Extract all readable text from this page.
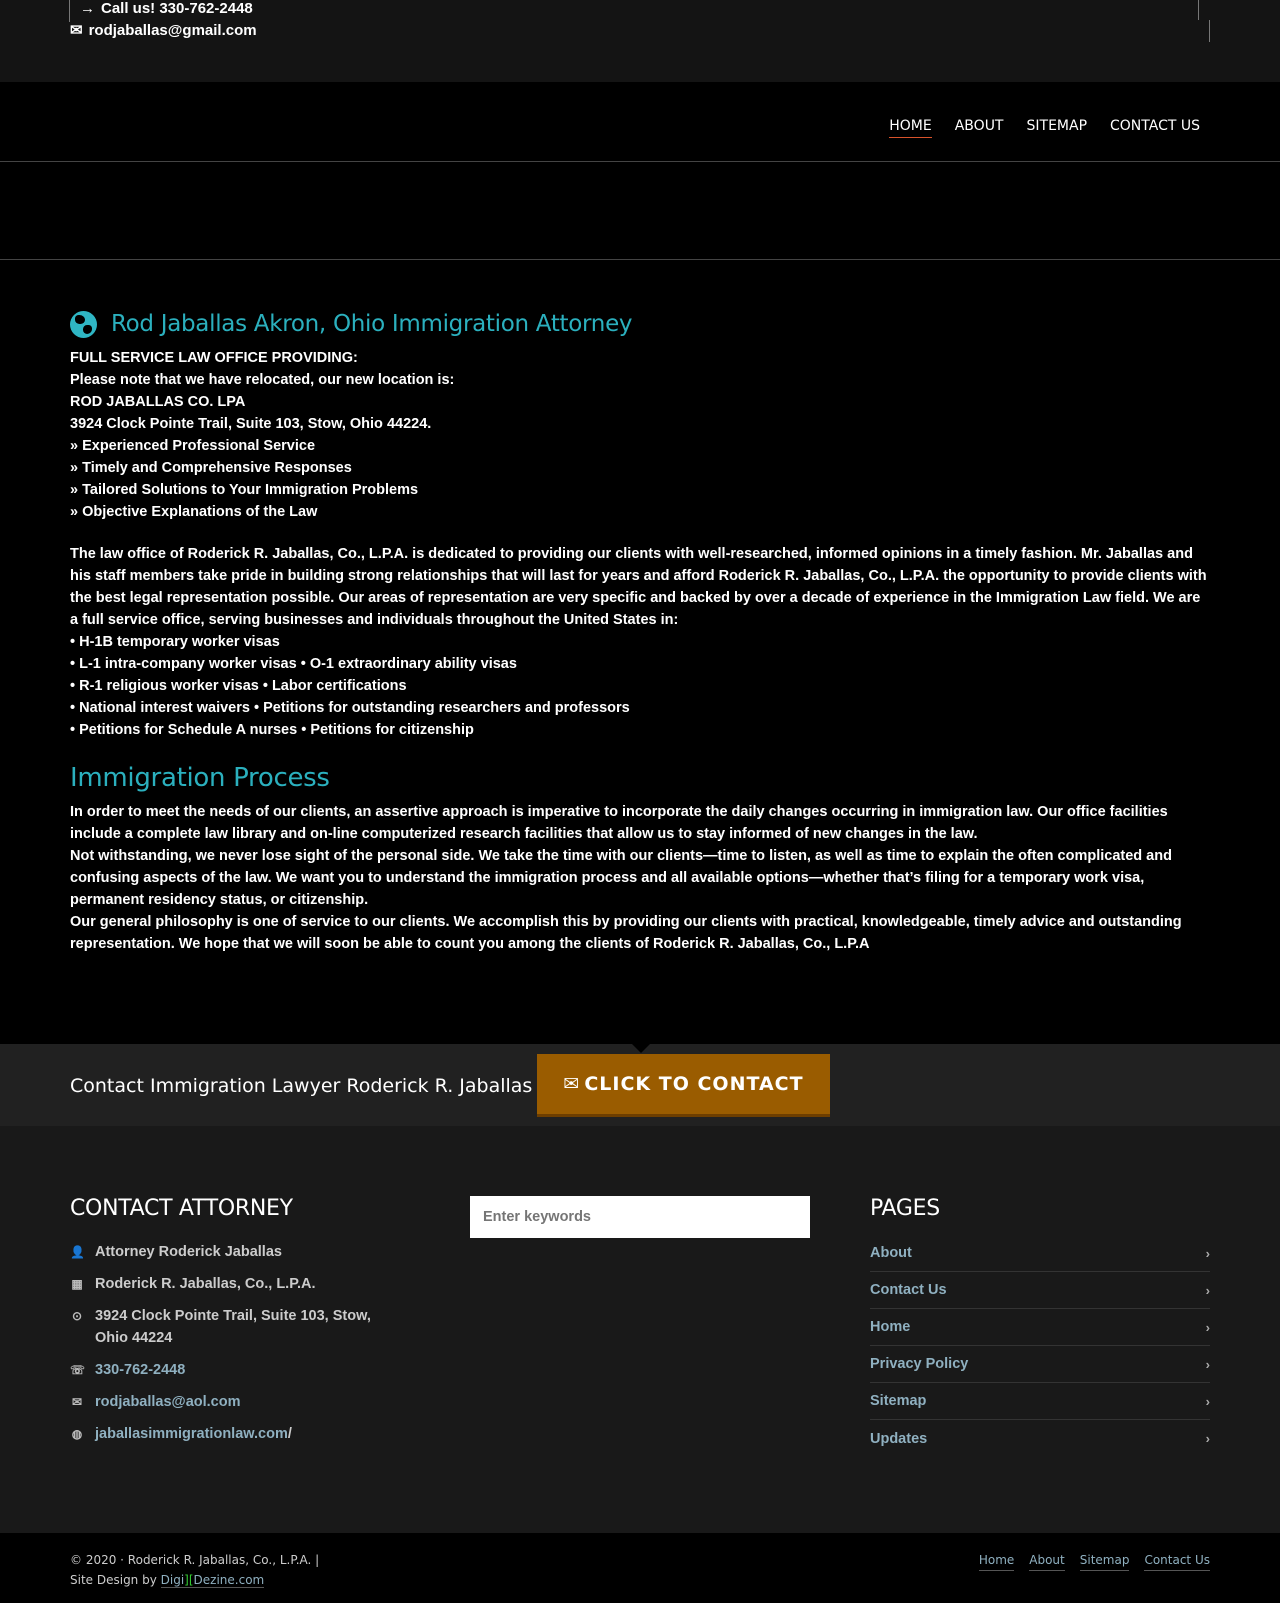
→ Call us! 330-762-2448
✉ rodjaballas@gmail.com
HOME ABOUT SITEMAP CONTACT US
Rod Jaballas Akron, Ohio Immigration Attorney
FULL SERVICE LAW OFFICE PROVIDING:
Please note that we have relocated, our new location is:
ROD JABALLAS CO. LPA
3924 Clock Pointe Trail, Suite 103, Stow, Ohio 44224.
» Experienced Professional Service
» Timely and Comprehensive Responses
» Tailored Solutions to Your Immigration Problems
» Objective Explanations of the Law

The law office of Roderick R. Jaballas, Co., L.P.A. is dedicated to providing our clients with well-researched, informed opinions in a timely fashion. Mr. Jaballas and his staff members take pride in building strong relationships that will last for years and afford Roderick R. Jaballas, Co., L.P.A. the opportunity to provide clients with the best legal representation possible. Our areas of representation are very specific and backed by over a decade of experience in the Immigration Law field. We are a full service office, serving businesses and individuals throughout the United States in:

• H-1B temporary worker visas
• L-1 intra-company worker visas • O-1 extraordinary ability visas
• R-1 religious worker visas • Labor certifications
• National interest waivers • Petitions for outstanding researchers and professors
• Petitions for Schedule A nurses • Petitions for citizenship
Immigration Process

In order to meet the needs of our clients, an assertive approach is imperative to incorporate the daily changes occurring in immigration law. Our office facilities include a complete law library and on-line computerized research facilities that allow us to stay informed of new changes in the law.

Not withstanding, we never lose sight of the personal side. We take the time with our clients—time to listen, as well as time to explain the often complicated and confusing aspects of the law. We want you to understand the immigration process and all available options—whether that’s filing for a temporary work visa, permanent residency status, or citizenship.

Our general philosophy is one of service to our clients. We accomplish this by providing our clients with practical, knowledgeable, timely advice and outstanding representation. We hope that we will soon be able to count you among the clients of Roderick R. Jaballas, Co., L.P.A

Contact Immigration Lawyer Roderick R. Jaballas ✉ CLICK TO CONTACT
CONTACT ATTORNEY
👤 Attorney Roderick Jaballas
▦ Roderick R. Jaballas, Co., L.P.A.
⊙ 3924 Clock Pointe Trail, Suite 103, Stow, Ohio 44224
☏ 330-762-2448
✉ rodjaballas@aol.com
◍ jaballasimmigrationlaw.com/
Enter keywords
PAGES
About	›
Contact Us	›
Home	›
Privacy Policy	›
Sitemap	›
Updates	›
© 2020 · Roderick R. Jaballas, Co., L.P.A. |
Site Design by Digi][Dezine.com
Home About Sitemap Contact Us
